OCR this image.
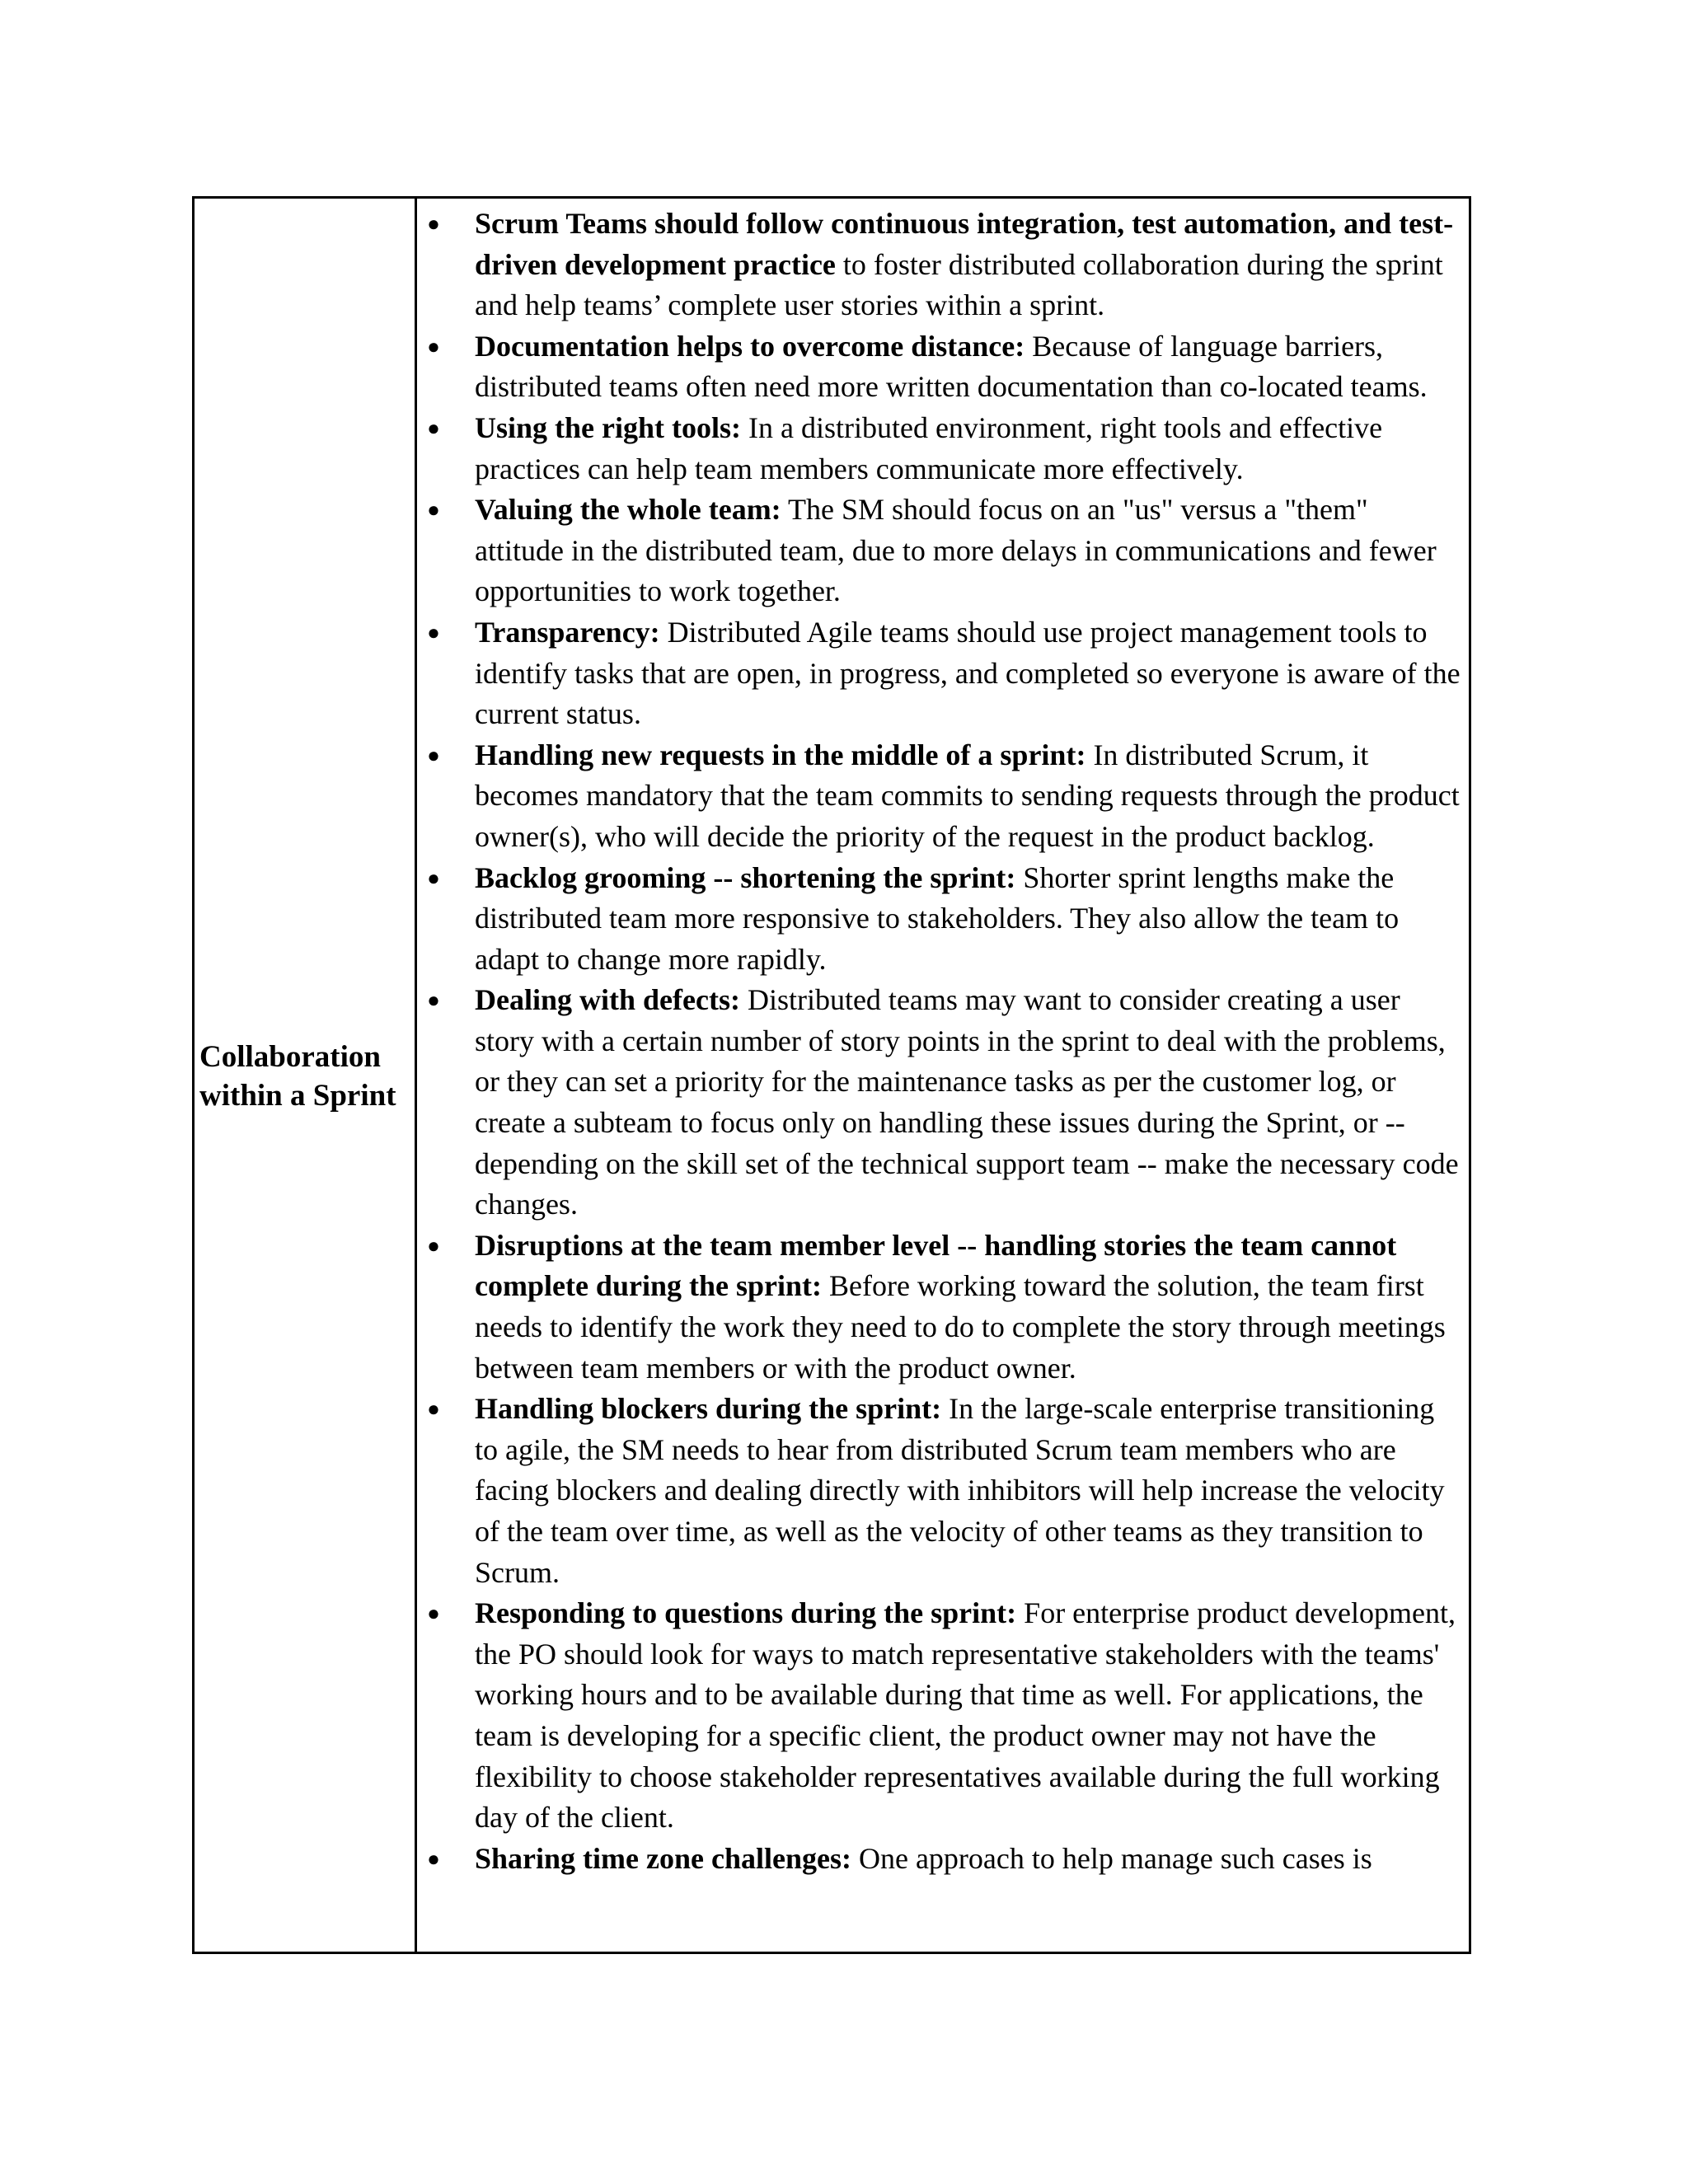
Collaboration
within a Sprint
● Scrum Teams should follow continuous integration, test automation, and test-driven development practice to foster distributed collaboration during the sprint and help teams’ complete user stories within a sprint.
● Documentation helps to overcome distance: Because of language barriers, distributed teams often need more written documentation than co-located teams.
● Using the right tools: In a distributed environment, right tools and effective practices can help team members communicate more effectively.
● Valuing the whole team: The SM should focus on an "us" versus a "them" attitude in the distributed team, due to more delays in communications and fewer opportunities to work together.
● Transparency: Distributed Agile teams should use project management tools to identify tasks that are open, in progress, and completed so everyone is aware of the current status.
● Handling new requests in the middle of a sprint: In distributed Scrum, it becomes mandatory that the team commits to sending requests through the product owner(s), who will decide the priority of the request in the product backlog.
● Backlog grooming -- shortening the sprint: Shorter sprint lengths make the distributed team more responsive to stakeholders. They also allow the team to adapt to change more rapidly.
● Dealing with defects: Distributed teams may want to consider creating a user story with a certain number of story points in the sprint to deal with the problems, or they can set a priority for the maintenance tasks as per the customer log, or create a subteam to focus only on handling these issues during the Sprint, or -- depending on the skill set of the technical support team -- make the necessary code changes.
● Disruptions at the team member level -- handling stories the team cannot complete during the sprint: Before working toward the solution, the team first needs to identify the work they need to do to complete the story through meetings between team members or with the product owner.
● Handling blockers during the sprint: In the large-scale enterprise transitioning to agile, the SM needs to hear from distributed Scrum team members who are facing blockers and dealing directly with inhibitors will help increase the velocity of the team over time, as well as the velocity of other teams as they transition to Scrum.
● Responding to questions during the sprint: For enterprise product development, the PO should look for ways to match representative stakeholders with the teams' working hours and to be available during that time as well. For applications, the team is developing for a specific client, the product owner may not have the flexibility to choose stakeholder representatives available during the full working day of the client.
● Sharing time zone challenges: One approach to help manage such cases is
